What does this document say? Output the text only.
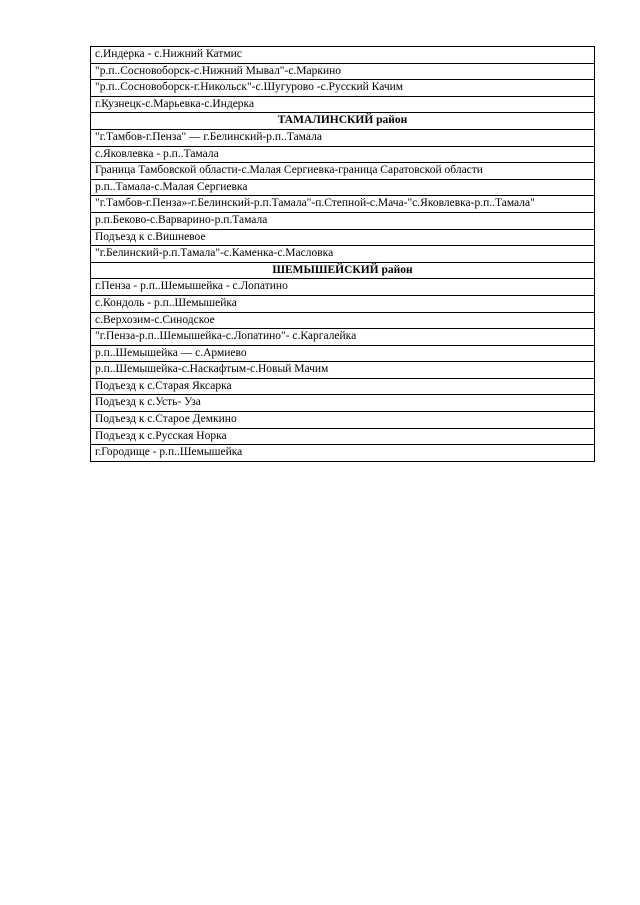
с.Индерка - с.Нижний Катмис
"р.п..Сосновоборск-с.Нижний Мывал"-с.Маркино
"р.п..Сосновоборск-г.Никольск"-с.Шугурово -с.Русский Качим
г.Кузнецк-с.Марьевка-с.Индерка
ТАМАЛИНСКИЙ район
"г.Тамбов-г.Пенза" — г.Белинский-р.п..Тамала
с.Яковлевка - р.п..Тамала
Граница Тамбовской области-с.Малая Сергиевка-граница Саратовской области
р.п..Тамала-с.Малая Сергиевка
"г.Тамбов-г.Пенза»-г.Белинский-р.п.Тамала"-п.Степной-с.Мача-"с.Яковлевка-р.п..Тамала"
р.п.Беково-с.Варварино-р.п.Тамала
Подъезд к с.Вишневое
"г.Белинский-р.п.Тамала"-с.Каменка-с.Масловка
ШЕМЫШЕЙСКИЙ район
г.Пенза - р.п..Шемышейка - с.Лопатино
с.Кондоль - р.п..Шемышейка
с.Верхозим-с.Синодское
"г.Пенза-р.п..Шемышейка-с.Лопатино"- с.Каргалейка
р.п..Шемышейка — с.Армиево
р.п..Шемышейка-с.Наскафтым-с.Новый Мачим
Подъезд к с.Старая Яксарка
Подъезд к с.Усть- Уза
Подъезд к с.Старое Демкино
Подъезд к с.Русская Норка
г.Городище - р.п..Шемышейка
